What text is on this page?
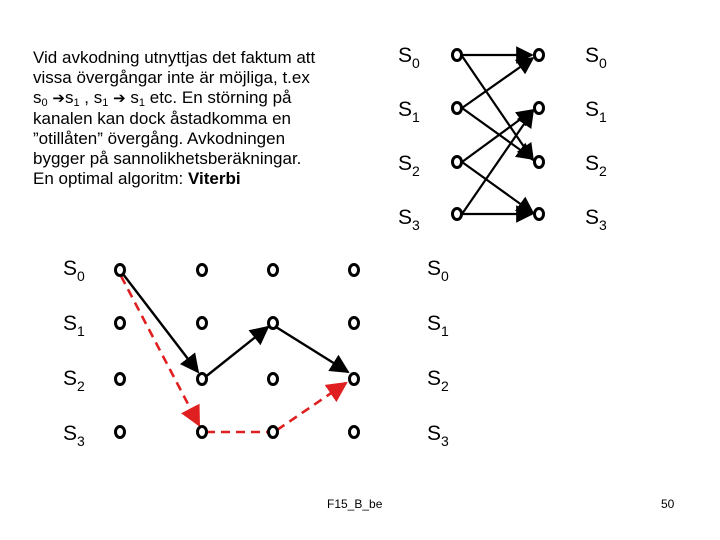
Vid avkodning utnyttjas det faktum att

vissa övergångar inte är möjliga, t.ex

$s_0$ $➔s_1$ , $s_1$ ➔ $s_1$ etc. En störning på

kanalen kan dock åstadkomma en

”otillåten” övergång. Avkodningen

bygger på sannolikhetsberäkningar.

En optimal algoritm: Viterbi

$S_0$
$S_1$
$S_2$
$S_3$
$S_0$
$S_1$
$S_2$
$S_3$
$S_0$
$S_1$
$S_2$
$S_3$
$S_0$
$S_1$
$S_2$
$S_3$
F15_B_be	50
